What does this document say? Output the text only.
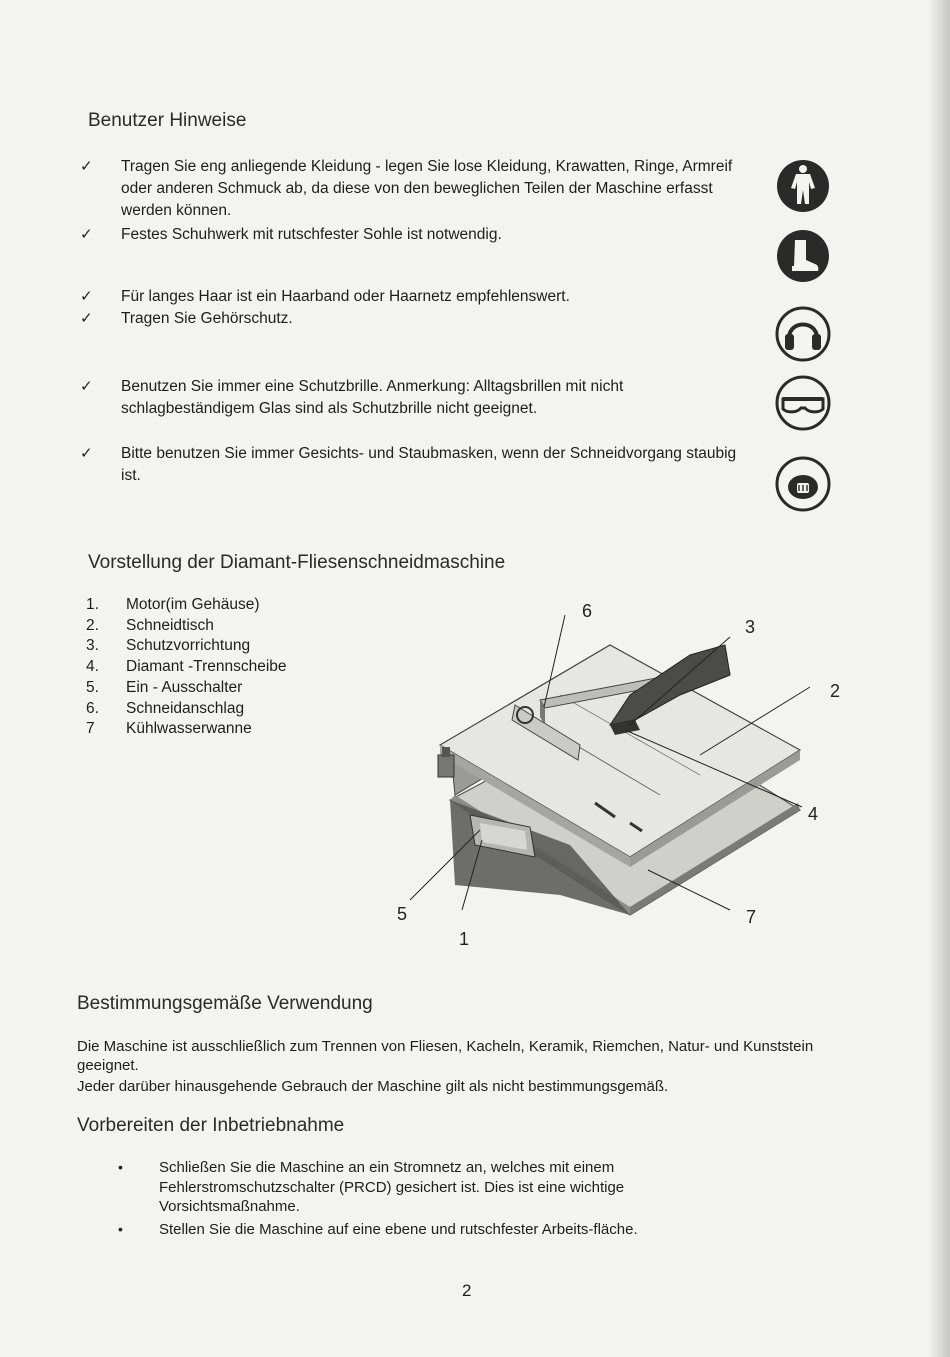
Benutzer Hinweise
✓ Tragen Sie eng anliegende Kleidung - legen Sie lose Kleidung, Krawatten, Ringe, Armreif oder anderen Schmuck ab, da diese von den beweglichen Teilen der Maschine erfasst werden können.
✓ Festes Schuhwerk mit rutschfester Sohle ist notwendig.
✓ Für langes Haar ist ein Haarband oder Haarnetz empfehlenswert.
✓ Tragen Sie Gehörschutz.
✓ Benutzen Sie immer eine Schutzbrille. Anmerkung: Alltagsbrillen mit nicht schlagbeständigem Glas sind als Schutzbrille nicht geeignet.
✓ Bitte benutzen Sie immer Gesichts- und Staubmasken, wenn der Schneidvorgang staubig ist.
Vorstellung der Diamant-Fliesenschneidmaschine
1.	Motor(im Gehäuse)
2.	Schneidtisch
3.	Schutzvorrichtung
4.	Diamant -Trennscheibe
5.	Ein - Ausschalter
6.	Schneidanschlag
7	Kühlwasserwanne
6
3
2
4
5	7
1
Bestimmungsgemäße Verwendung

Die Maschine ist ausschließlich zum Trennen von Fliesen, Kacheln, Keramik, Riemchen, Natur- und Kunststein geeignet.

Jeder darüber hinausgehende Gebrauch der Maschine gilt als nicht bestimmungsgemäß.

Vorbereiten der Inbetriebnahme
• Schließen Sie die Maschine an ein Stromnetz an, welches mit einem Fehlerstromschutzschalter (PRCD) gesichert ist. Dies ist eine wichtige Vorsichtsmaßnahme.
• Stellen Sie die Maschine auf eine ebene und rutschfester Arbeits-fläche.
2
